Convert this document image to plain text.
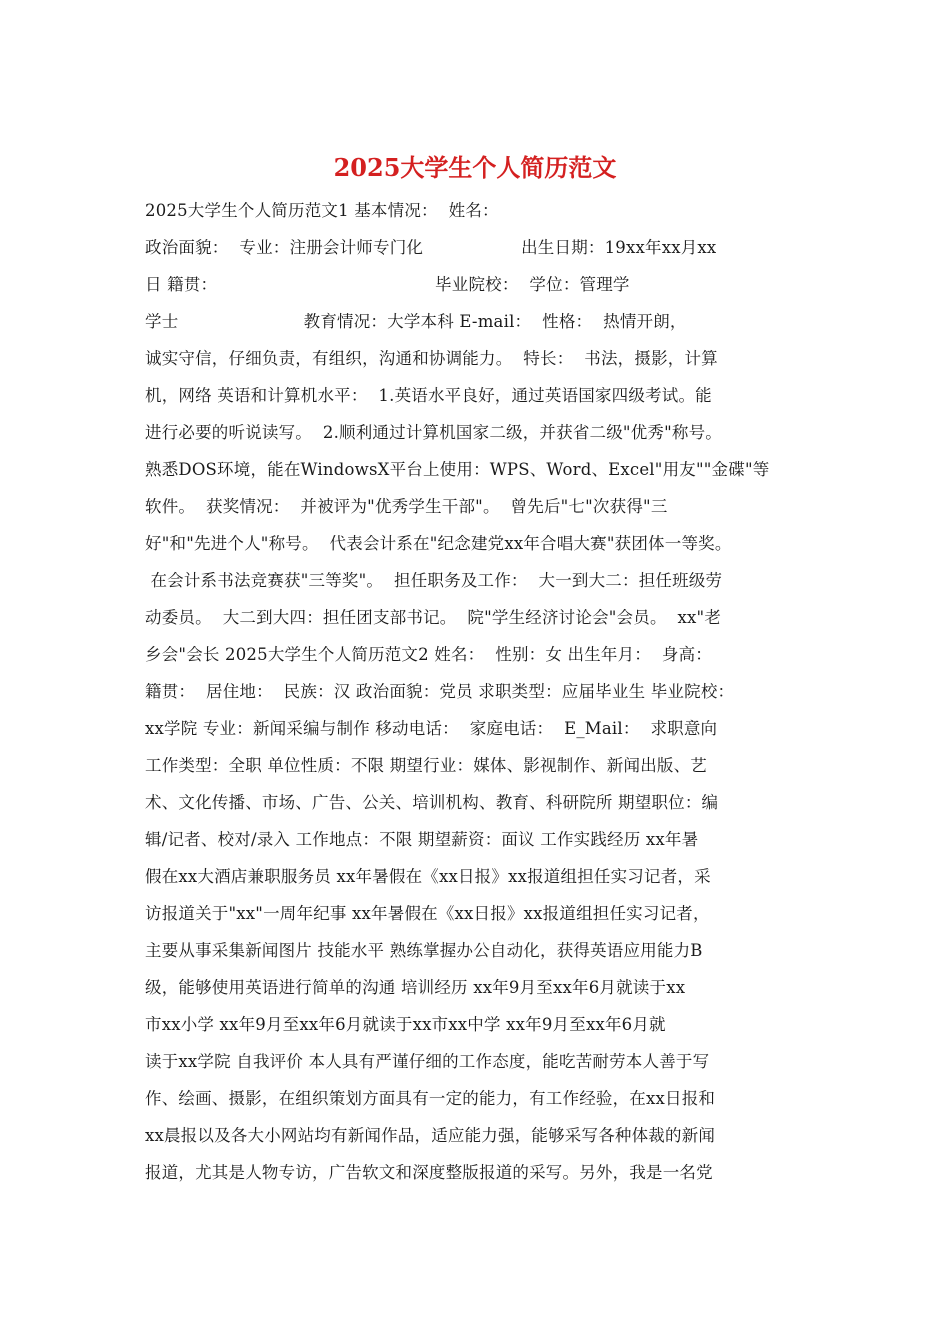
2025大学生个人简历范文
2025大学生个人简历范文1 基本情况：  姓名：
政治面貌：  专业：注册会计师专门化                  出生日期：19xx年xx月xx
日 籍贯：                                        毕业院校：  学位：管理学
学士                       教育情况：大学本科 E-mail：  性格：  热情开朗，
诚实守信，仔细负责，有组织，沟通和协调能力。  特长：  书法，摄影，计算
机，网络 英语和计算机水平：  1.英语水平良好，通过英语国家四级考试。能
进行必要的听说读写。  2.顺利通过计算机国家二级，并获省二级"优秀"称号。
熟悉DOS环境，能在WindowsX平台上使用：WPS、Word、Excel"用友""金碟"等
软件。  获奖情况：  并被评为"优秀学生干部"。  曾先后"七"次获得"三
好"和"先进个人"称号。  代表会计系在"纪念建党xx年合唱大赛"获团体一等奖。
在会计系书法竞赛获"三等奖"。  担任职务及工作：  大一到大二：担任班级劳
动委员。  大二到大四：担任团支部书记。  院"学生经济讨论会"会员。  xx"老
乡会"会长 2025大学生个人简历范文2 姓名：  性别：女 出生年月：  身高：
籍贯：  居住地：  民族：汉 政治面貌：党员 求职类型：应届毕业生 毕业院校：
xx学院 专业：新闻采编与制作 移动电话：  家庭电话：  E_Mail：  求职意向
工作类型：全职 单位性质：不限 期望行业：媒体、影视制作、新闻出版、艺
术、文化传播、市场、广告、公关、培训机构、教育、科研院所 期望职位：编
辑/记者、校对/录入 工作地点：不限 期望薪资：面议 工作实践经历 xx年暑
假在xx大酒店兼职服务员 xx年暑假在《xx日报》xx报道组担任实习记者，采
访报道关于"xx"一周年纪事 xx年暑假在《xx日报》xx报道组担任实习记者，
主要从事采集新闻图片 技能水平 熟练掌握办公自动化，获得英语应用能力B
级，能够使用英语进行简单的沟通 培训经历 xx年9月至xx年6月就读于xx
市xx小学 xx年9月至xx年6月就读于xx市xx中学 xx年9月至xx年6月就
读于xx学院 自我评价 本人具有严谨仔细的工作态度，能吃苦耐劳本人善于写
作、绘画、摄影，在组织策划方面具有一定的能力，有工作经验，在xx日报和
xx晨报以及各大小网站均有新闻作品，适应能力强，能够采写各种体裁的新闻
报道，尤其是人物专访，广告软文和深度整版报道的采写。另外，我是一名党
